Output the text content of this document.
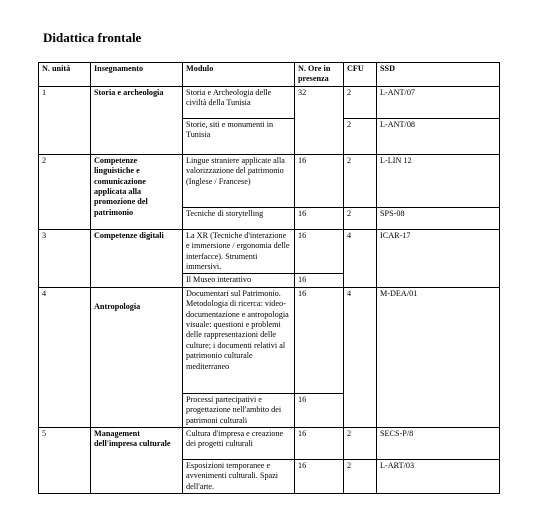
Didattica frontale
N. unità	Insegnamento	Modulo	N. Ore in presenza	CFU	SSD
1	Storia e archeologia	Storia e Archeologia delle civiltà della Tunisia	32	2	L-ANT/07
		Storie, siti e monumenti in Tunisia		2	L-ANT/08
2	Competenze linguistiche e comunicazione applicata alla promozione del patrimonio	Lingue straniere applicate alla valorizzazione del patrimonio (Inglese / Francese)	16	2	L-LIN 12
		Tecniche di storytelling	16	2	SPS-08
3	Competenze digitali	La XR (Tecniche d'interazione e immersione / ergonomia delle interfacce). Strumenti immersivi.	16	4	ICAR-17
		Il Museo interattivo	16		
4	Antropologia	Documentari sul Patrimonio. Metodologia di ricerca: video-documentazione e antropologia visuale: questioni e problemi delle rappresentazioni delle culture; i documenti relativi al patrimonio culturale mediterraneo	16	4	M-DEA/01
		Processi partecipativi e progettazione nell'ambito dei patrimoni culturali	16		
5	Management dell'impresa culturale	Cultura d'impresa e creazione dei progetti culturali	16	2	SECS-P/8
		Esposizioni temporanee e avvenimenti culturali. Spazi dell'arte.	16	2	L-ART/03
